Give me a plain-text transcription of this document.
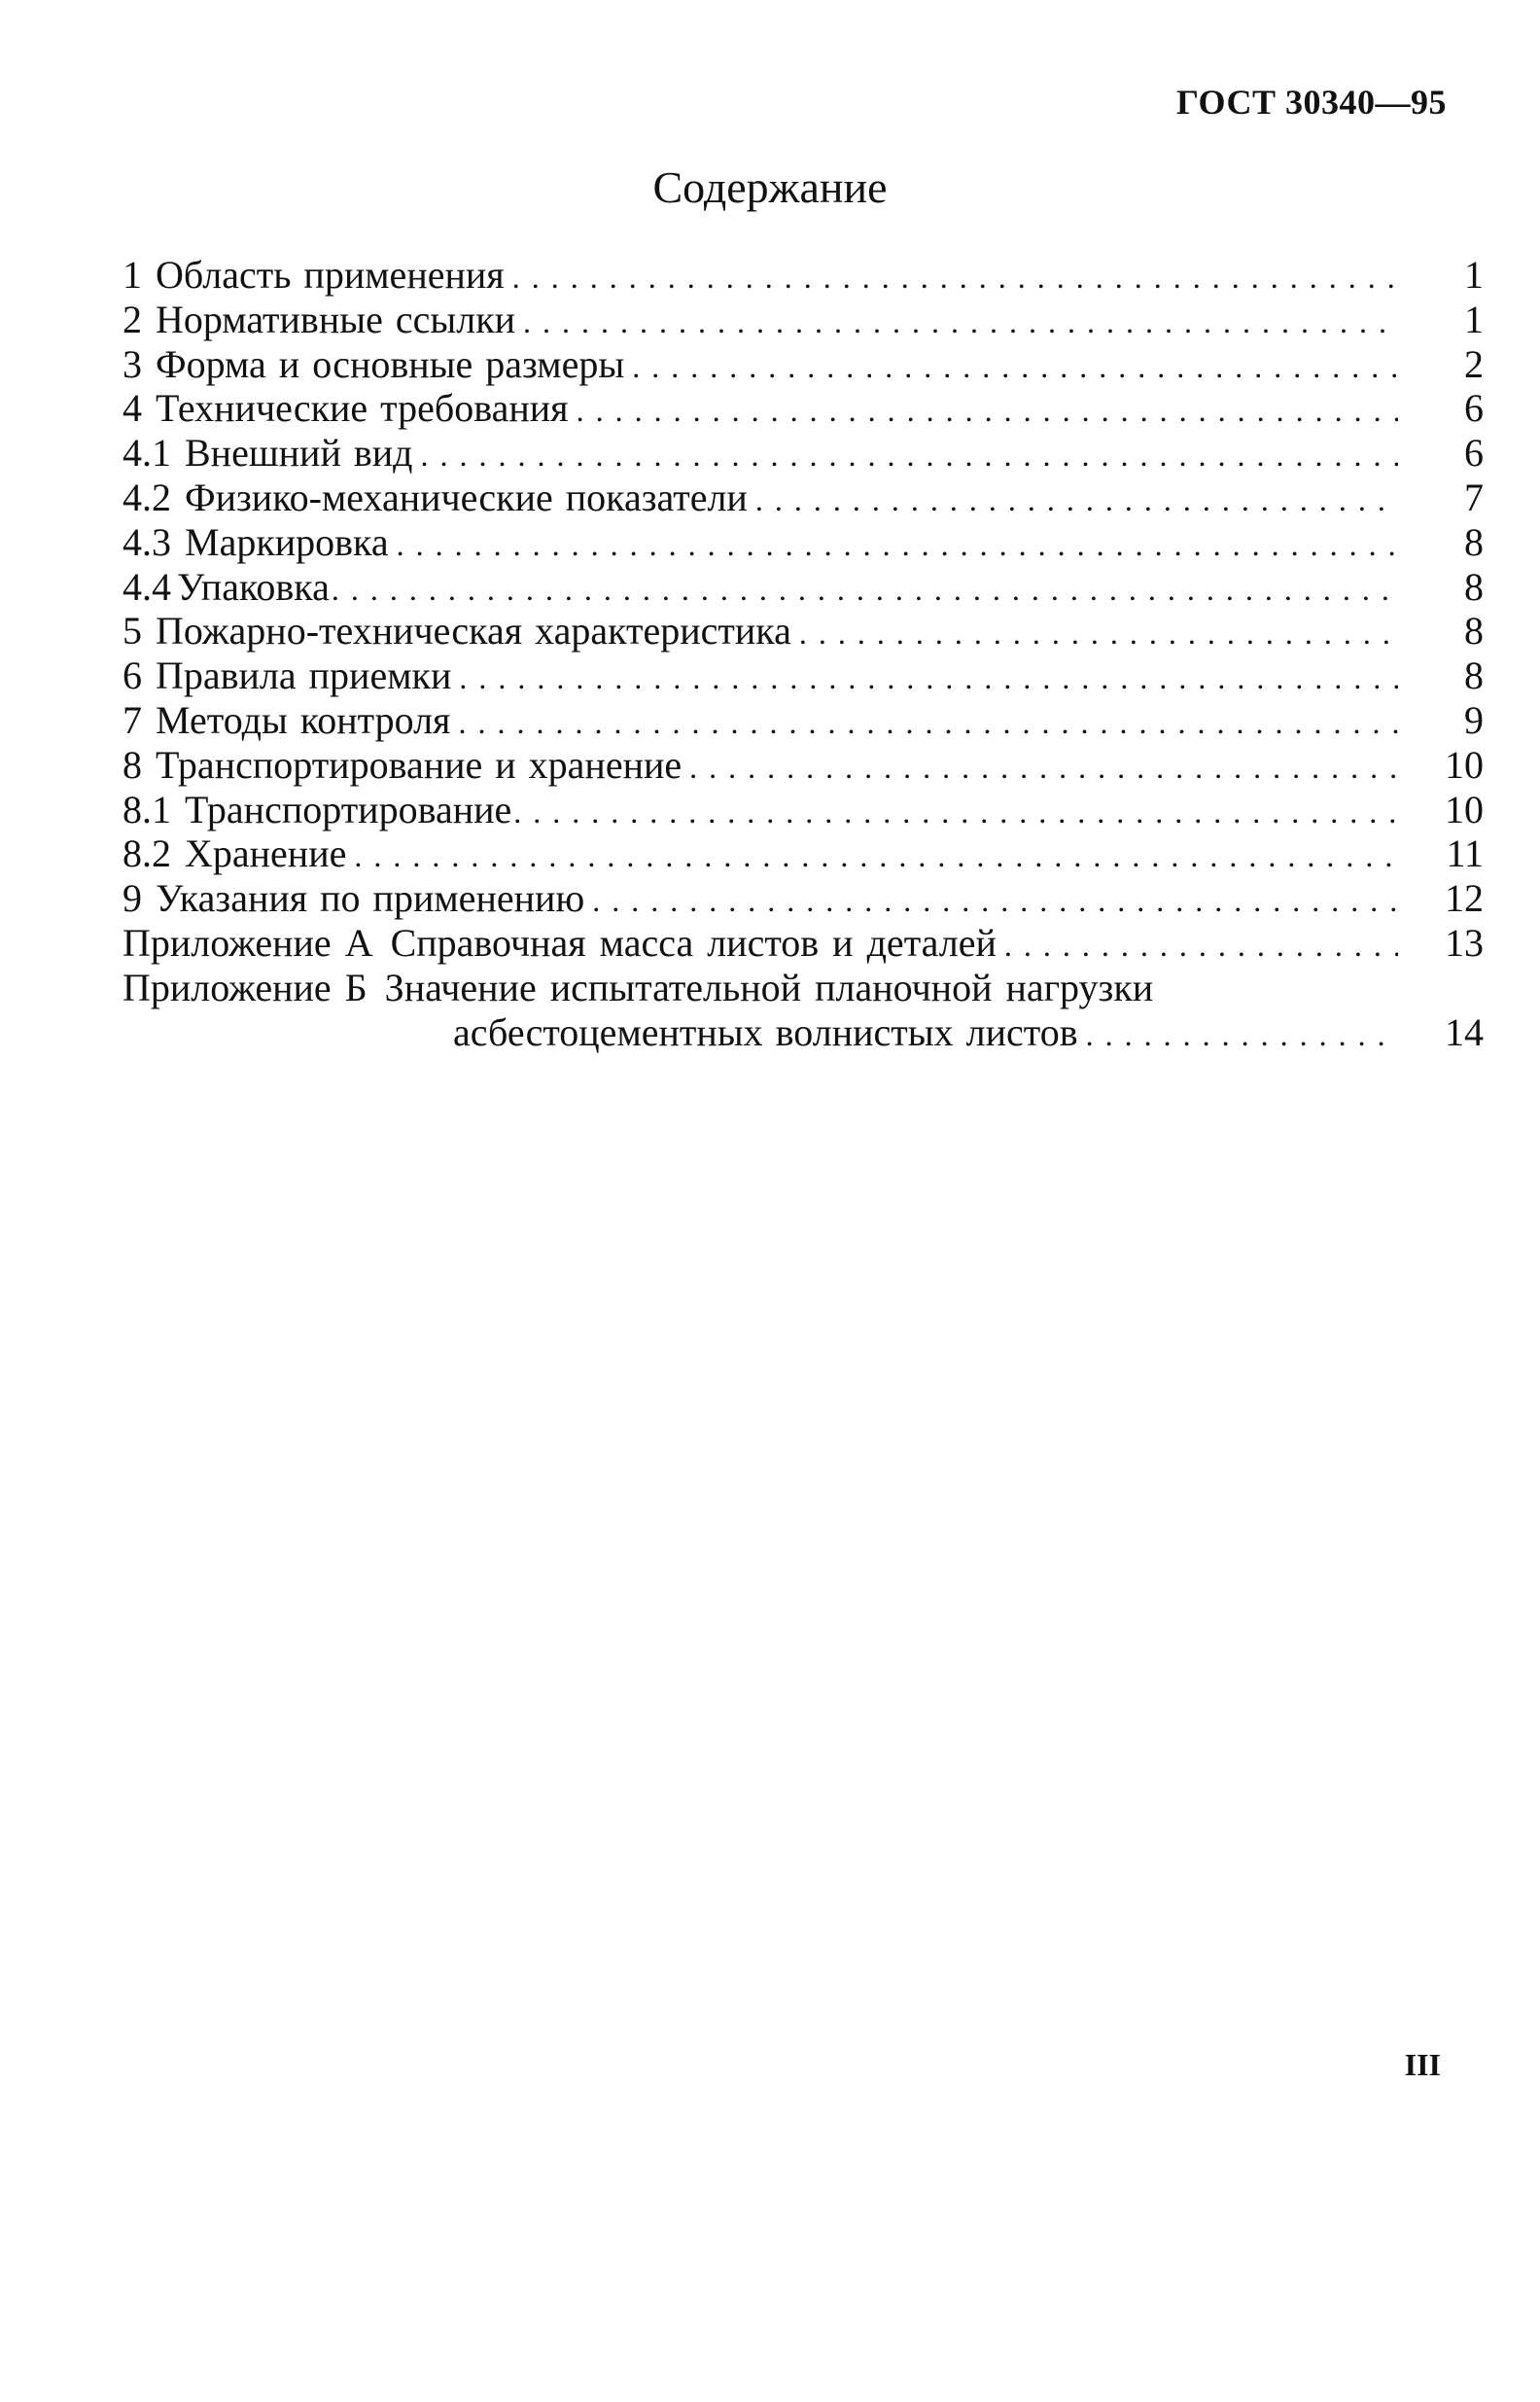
ГОСТ 30340—95
Содержание
1 Область применения . . .	1
2 Нормативные ссылки . . .	1
3 Форма и основные размеры . . .	2
4 Технические требования . . .	6
4.1 Внешний вид . . .	6
4.2 Физико-механические показатели . . .	7
4.3 Маркировка . . .	8
4.4 Упаковка . . .	8
5 Пожарно-техническая характеристика . . .	8
6 Правила приемки . . .	8
7 Методы контроля . . .	9
8 Транспортирование и хранение . . .	10
8.1 Транспортирование . . .	10
8.2 Хранение . . .	11
9 Указания по применению . . .	12
Приложение А Справочная масса листов и деталей . . .	13
Приложение Б Значение испытательной планочной нагрузки
асбестоцементных волнистых листов . . .	14
III
